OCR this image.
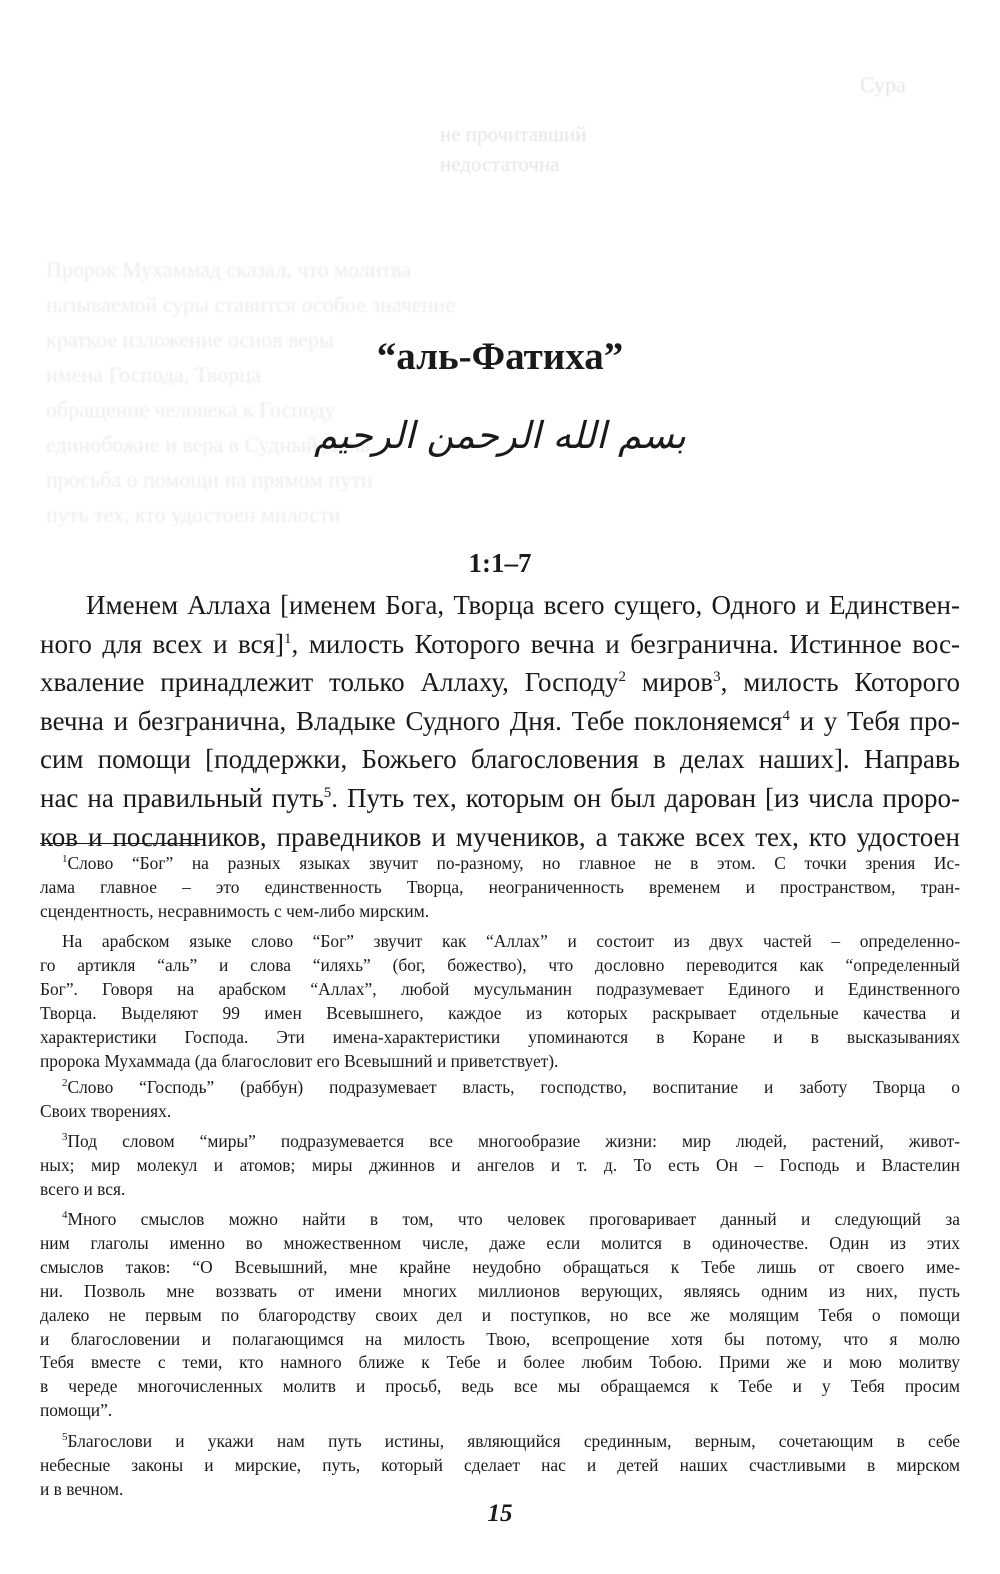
Сура
не прочитавший
недостаточна
Пророк Мухаммад сказал, что молитва
называемой суры ставится особое значение
краткое изложение основ веры
имена Господа, Творца
обращение человека к Господу
единобожие и вера в Судный День
просьба о помощи на прямом пути
путь тех, кто удостоен милости
“аль-Фатиха”
بسم الله الرحمن الرحيم
1:1–7
Именем Аллаха [именем Бога, Творца всего сущего, Одного и Единствен-
ного для всех и вся]$^1$, милость Которого вечна и безгранична. Истинное вос-
хваление принадлежит только Аллаху, Господу$^2$ миров$^3$, милость Которого
вечна и безгранична, Владыке Судного Дня. Тебе поклоняемся$^4$ и у Тебя про-
сим помощи [поддержки, Божьего благословения в делах наших]. Направь
нас на правильный путь$^5$. Путь тех, которым он был дарован [из числа проро-
ков и посланников, праведников и мучеников, а также всех тех, кто удостоен
$^1$Слово “Бог” на разных языках звучит по-разному, но главное не в этом. С точки зрения Ис-
лама главное – это единственность Творца, неограниченность временем и пространством, тран-
сцендентность, несравнимость с чем-либо мирским.
На арабском языке слово “Бог” звучит как “Аллах” и состоит из двух частей – определенно-
го артикля “аль” и слова “иляхь” (бог, божество), что дословно переводится как “определенный
Бог”. Говоря на арабском “Аллах”, любой мусульманин подразумевает Единого и Единственного
Творца. Выделяют 99 имен Всевышнего, каждое из которых раскрывает отдельные качества и
характеристики Господа. Эти имена-характеристики упоминаются в Коране и в высказываниях
пророка Мухаммада (да благословит его Всевышний и приветствует).
$^2$Слово “Господь” (раббун) подразумевает власть, господство, воспитание и заботу Творца о
Своих творениях.
$^3$Под словом “миры” подразумевается все многообразие жизни: мир людей, растений, живот-
ных; мир молекул и атомов; миры джиннов и ангелов и т. д. То есть Он – Господь и Властелин
всего и вся.
$^4$Много смыслов можно найти в том, что человек проговаривает данный и следующий за
ним глаголы именно во множественном числе, даже если молится в одиночестве. Один из этих
смыслов таков: “О Всевышний, мне крайне неудобно обращаться к Тебе лишь от своего име-
ни. Позволь мне воззвать от имени многих миллионов верующих, являясь одним из них, пусть
далеко не первым по благородству своих дел и поступков, но все же молящим Тебя о помощи
и благословении и полагающимся на милость Твою, всепрощение хотя бы потому, что я молю
Тебя вместе с теми, кто намного ближе к Тебе и более любим Тобою. Прими же и мою молитву
в череде многочисленных молитв и просьб, ведь все мы обращаемся к Тебе и у Тебя просим
помощи”.
$^5$Благослови и укажи нам путь истины, являющийся срединным, верным, сочетающим в себе
небесные законы и мирские, путь, который сделает нас и детей наших счастливыми в мирском
и в вечном.
15
